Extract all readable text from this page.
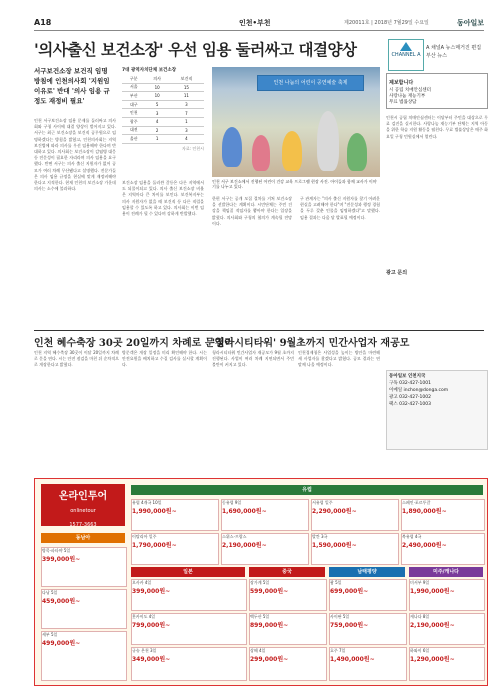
A18	인천•부천	제20011호 | 2018년 7월29일 수요일	동아일보
'의사출신 보건소장' 우선 임용 둘러싸고 대결양상	CHANNEL A
A 채널A 뉴스매거진 편집
부산 뉴스
서구보건소장 보건직 임명 방침에 인천의사회 '지원임 이유로' 반대 '의사 임용 규정도 재정비 필요'
인천 서구보건소장 임용 문제를 둘러싸고 의사회와 구청 사이에 대결 양상이 벌어지고 있다. 서구는 최근 보건소장을 보건직 공무원으로 임명하겠다는 방침을 밝혔고, 인천의사회는 지역보건법에 따라 의사를 우선 임용해야 한다며 반대하고 있다. 의사회는 보건소장이 감염병 대응 등 전문성이 필요한 자리라며 의사 임용을 요구했다. 반면 서구는 의사 출신 지원자가 없어 공모가 여러 차례 무산됐다고 설명했다. 전문가들은 의사 임용 규정을 현실에 맞게 재정비해야 한다고 지적한다. 현재 인천의 보건소장 가운데 의사는 소수에 불과하다.
7대 광역자치단체 보건소장
구분	의사	보건직
서울	10	15
부산	10	11
대구	5	3
인천	3	7
광주	4	1
대전	2	3
울산	1	4
자료: 인천시
보건소장 임용을 둘러싼 갈등은 다른 지역에서도 되풀이되고 있다. 의사 출신 보건소장 비율은 지역마다 큰 차이를 보인다. 보건복지부는 의사 지원자가 없을 때 보건직 등 다른 직렬을 임용할 수 있도록 하고 있다. 의사회는 이번 임용이 전례가 될 수 있다며 강하게 반발했다.
인천 나눔의 어린이 공연예술 축제
인천 서구 보건소에서 진행된 어린이 건강 교육 프로그램 현장 사진. 아이들과 함께 교사가 이야기를 나누고 있다.
한편 서구는 공개 모집 절차를 거쳐 보건소장을 선발한다는 계획이다. 시민단체는 주민 건강을 책임질 적임자를 뽑아야 한다는 입장을 밝혔다. 의사회와 구청의 협의가 계속될 전망이다.
구 관계자는 "의사 출신 지원자를 찾기 어려운 현실을 고려해야 한다"며 "전문성과 행정 경험을 두루 갖춘 인물을 임명하겠다"고 말했다. 임용 결과는 다음 달 발표될 예정이다.
제보합니다
시 공립 치매안심센터
사랑나눔 재능기부
무료 법률상담
인천시 공립 치매안심센터는 이달부터 주민을 대상으로 무료 검진을 실시한다. 사랑나눔 재능기부 단체는 지역 아동을 위한 학습 지원 활동을 펼친다. 무료 법률상담은 매주 화요일 구청 민원실에서 열린다.
광고 문의
인천 혜수축장 30곳 20일까지 차례로 문열어
'청라시티타워' 9월초까지 민간사업자 재공모
인천 지역 혜수축장 30곳이 이달 20일까지 차례로 문을 연다. 시는 안전 점검을 마친 뒤 순차적으로 개장한다고 밝혔다.
방문객은 개장 일정을 미리 확인해야 한다. 시는 안전요원을 배치하고 수질 검사를 실시할 계획이다.
청라시티타워 민간사업자 재공모가 9월 초까지 진행된다. 사업이 여러 차례 지연되면서 주민 불만이 커지고 있다.
인천경제청은 사업성을 높이는 방안을 마련해 새 사업자를 찾겠다고 밝혔다. 공모 결과는 연말께 나올 예정이다.
동아일보 인천지국
구독 032-427-1001
이메일 inchon@donga.com
광고 032-427-1002
팩스 032-427-1003
온라인투어
onlinetour
1577-3663
유럽
동남아
일본	중국	남태평양	미주/캐나다
유럽 4개국 10일
1,990,000원~
동유럽 9일
1,690,000원~
서유럽 일주
2,290,000원~
스페인·포르투갈
1,890,000원~
이탈리아 일주
1,790,000원~
스위스·프랑스
2,190,000원~
발칸 3국
1,590,000원~
북유럽 4국
2,490,000원~
방콕·파타야 5일
399,000원~
다낭 5일
459,000원~
세부 5일
499,000원~
오사카 4일
399,000원~
홋카이도 4일
799,000원~
규슈 온천 3일
349,000원~
장가계 5일
599,000원~
백두산 5일
899,000원~
상해 4일
299,000원~
괌 5일
699,000원~
사이판 5일
759,000원~
호주 7일
1,490,000원~
미서부 9일
1,990,000원~
캐나다 8일
2,190,000원~
하와이 6일
1,290,000원~
